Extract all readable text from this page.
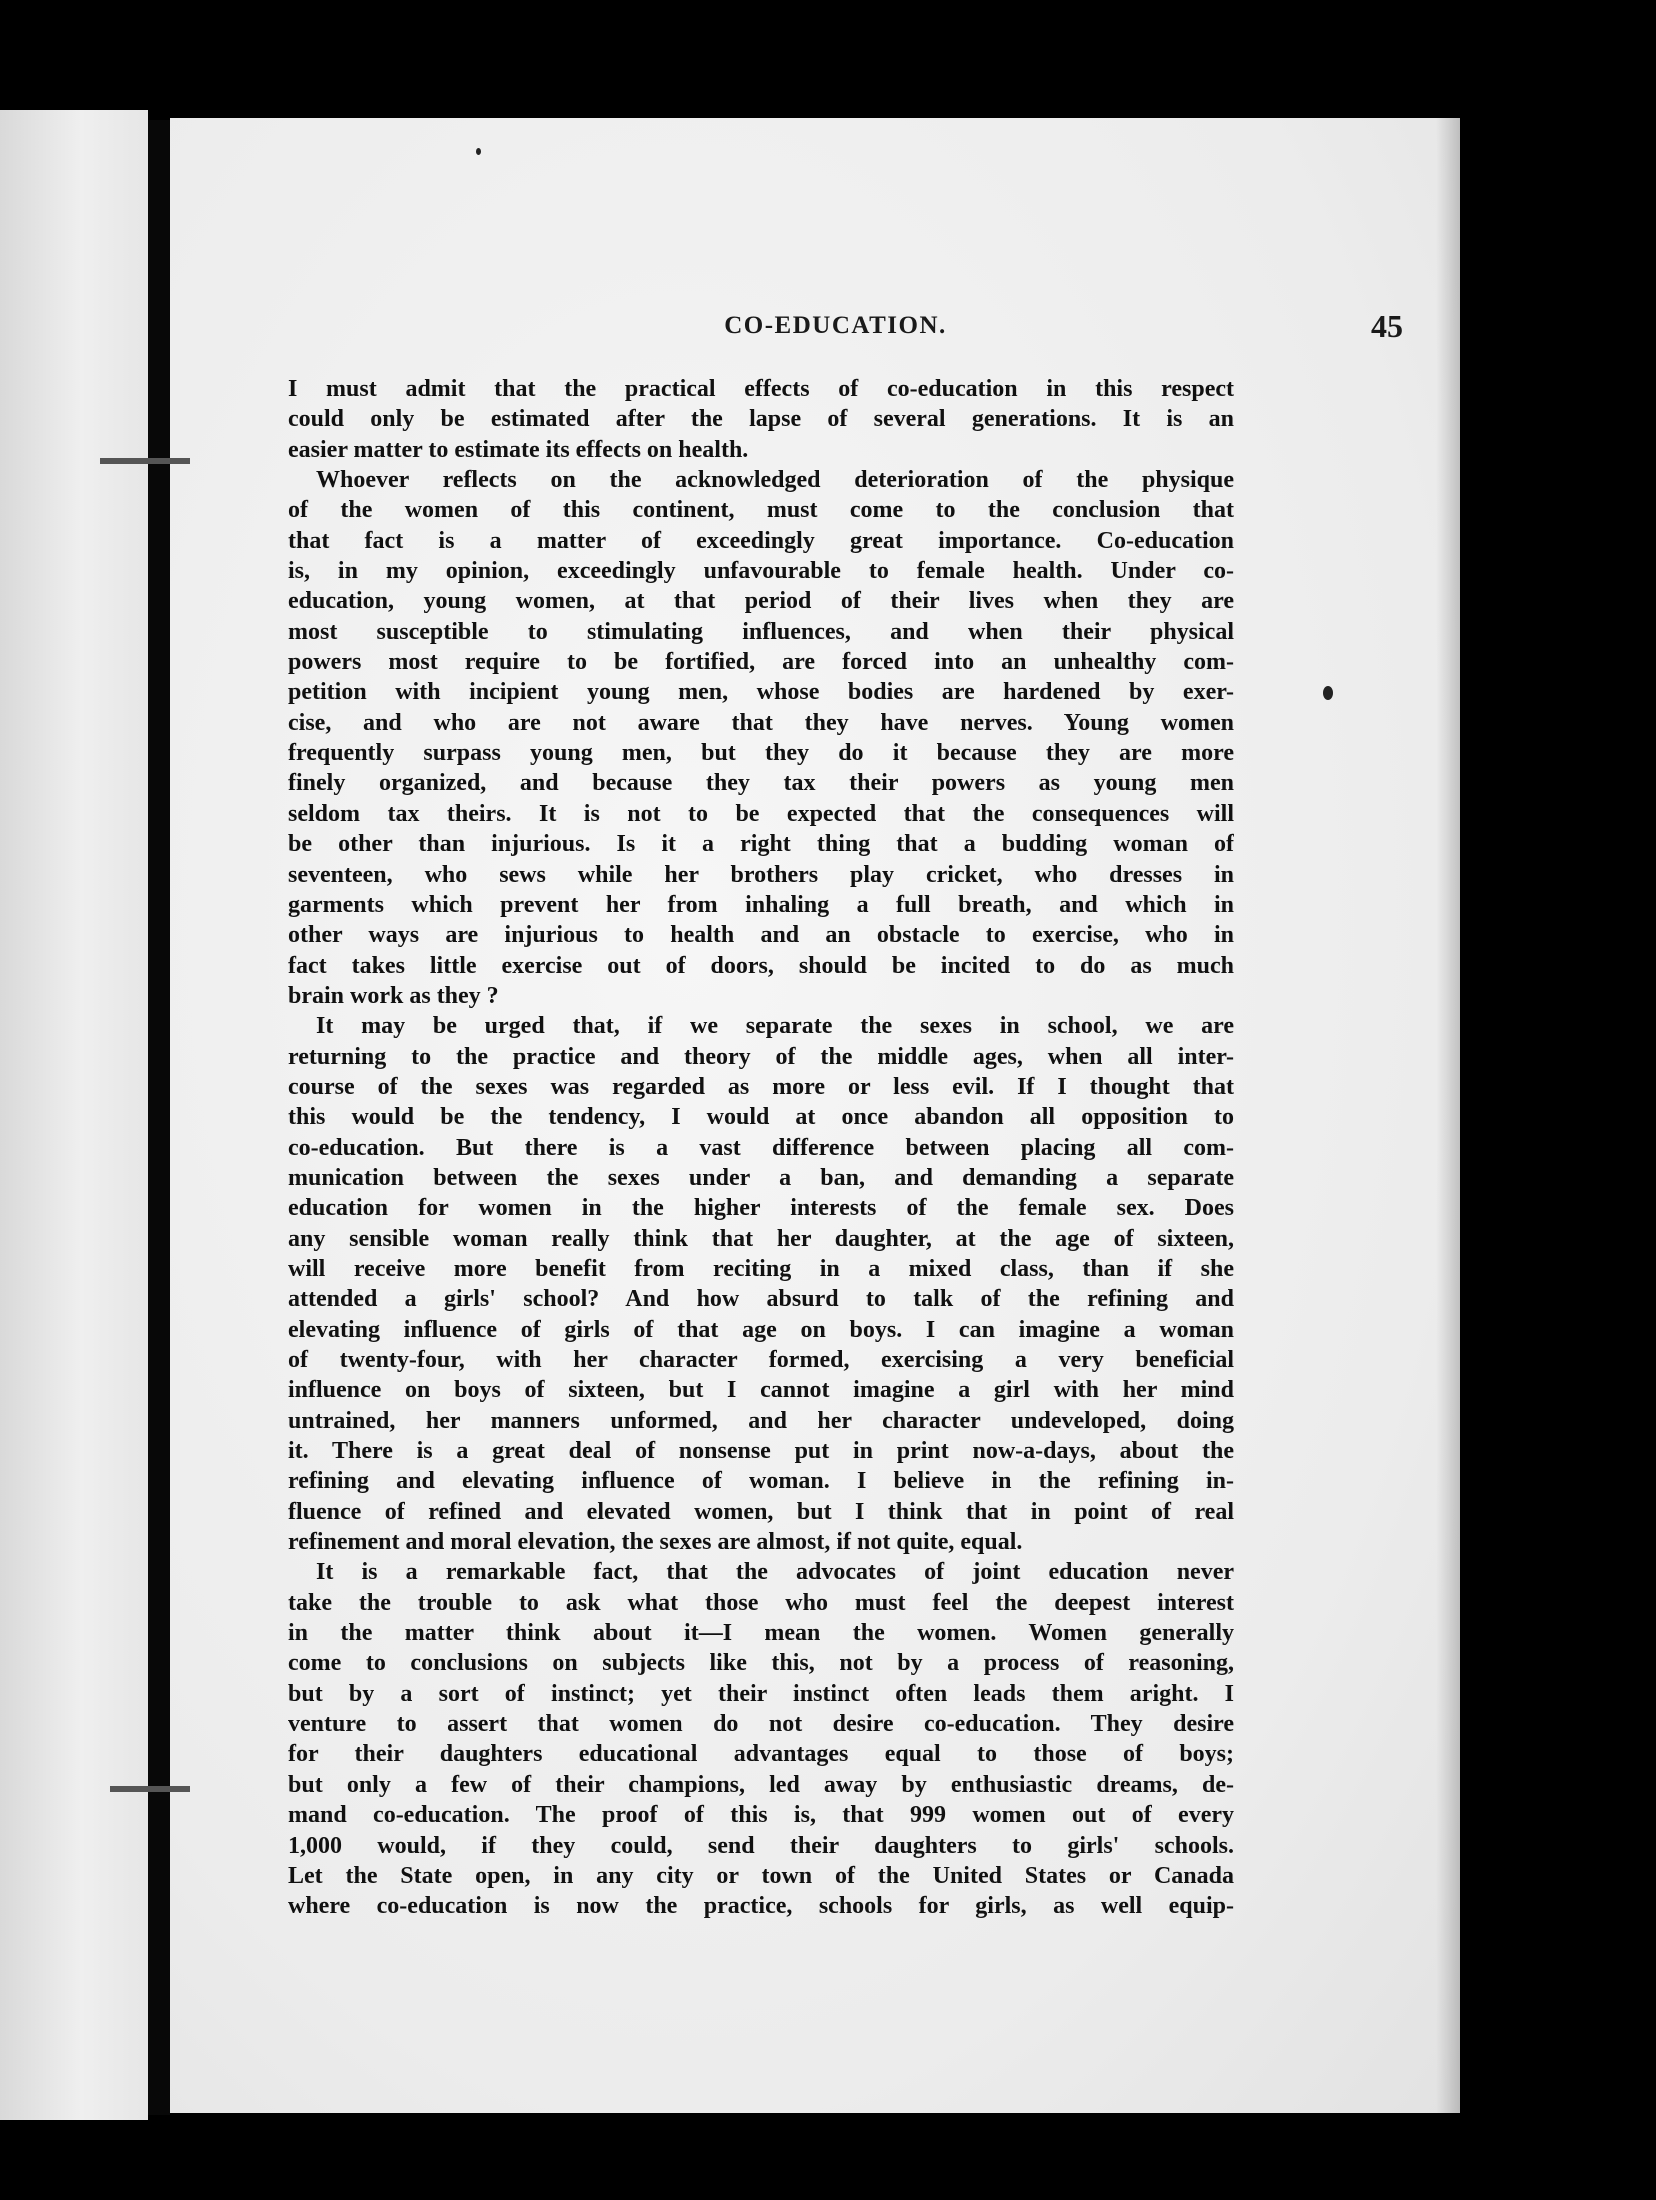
CO-EDUCATION.	45
I must admit that the practical effects of co-education in this respect
could only be estimated after the lapse of several generations. It is an
easier matter to estimate its effects on health.
Whoever reflects on the acknowledged deterioration of the physique
of the women of this continent, must come to the conclusion that
that fact is a matter of exceedingly great importance. Co-education
is, in my opinion, exceedingly unfavourable to female health. Under co-
education, young women, at that period of their lives when they are
most susceptible to stimulating influences, and when their physical
powers most require to be fortified, are forced into an unhealthy com-
petition with incipient young men, whose bodies are hardened by exer-
cise, and who are not aware that they have nerves. Young women
frequently surpass young men, but they do it because they are more
finely organized, and because they tax their powers as young men
seldom tax theirs. It is not to be expected that the consequences will
be other than injurious. Is it a right thing that a budding woman of
seventeen, who sews while her brothers play cricket, who dresses in
garments which prevent her from inhaling a full breath, and which in
other ways are injurious to health and an obstacle to exercise, who in
fact takes little exercise out of doors, should be incited to do as much
brain work as they ?
It may be urged that, if we separate the sexes in school, we are
returning to the practice and theory of the middle ages, when all inter-
course of the sexes was regarded as more or less evil. If I thought that
this would be the tendency, I would at once abandon all opposition to
co-education. But there is a vast difference between placing all com-
munication between the sexes under a ban, and demanding a separate
education for women in the higher interests of the female sex. Does
any sensible woman really think that her daughter, at the age of sixteen,
will receive more benefit from reciting in a mixed class, than if she
attended a girls' school? And how absurd to talk of the refining and
elevating influence of girls of that age on boys. I can imagine a woman
of twenty-four, with her character formed, exercising a very beneficial
influence on boys of sixteen, but I cannot imagine a girl with her mind
untrained, her manners unformed, and her character undeveloped, doing
it. There is a great deal of nonsense put in print now-a-days, about the
refining and elevating influence of woman. I believe in the refining in-
fluence of refined and elevated women, but I think that in point of real
refinement and moral elevation, the sexes are almost, if not quite, equal.
It is a remarkable fact, that the advocates of joint education never
take the trouble to ask what those who must feel the deepest interest
in the matter think about it—I mean the women. Women generally
come to conclusions on subjects like this, not by a process of reasoning,
but by a sort of instinct; yet their instinct often leads them aright. I
venture to assert that women do not desire co-education. They desire
for their daughters educational advantages equal to those of boys;
but only a few of their champions, led away by enthusiastic dreams, de-
mand co-education. The proof of this is, that 999 women out of every
1,000 would, if they could, send their daughters to girls' schools.
Let the State open, in any city or town of the United States or Canada
where co-education is now the practice, schools for girls, as well equip-
